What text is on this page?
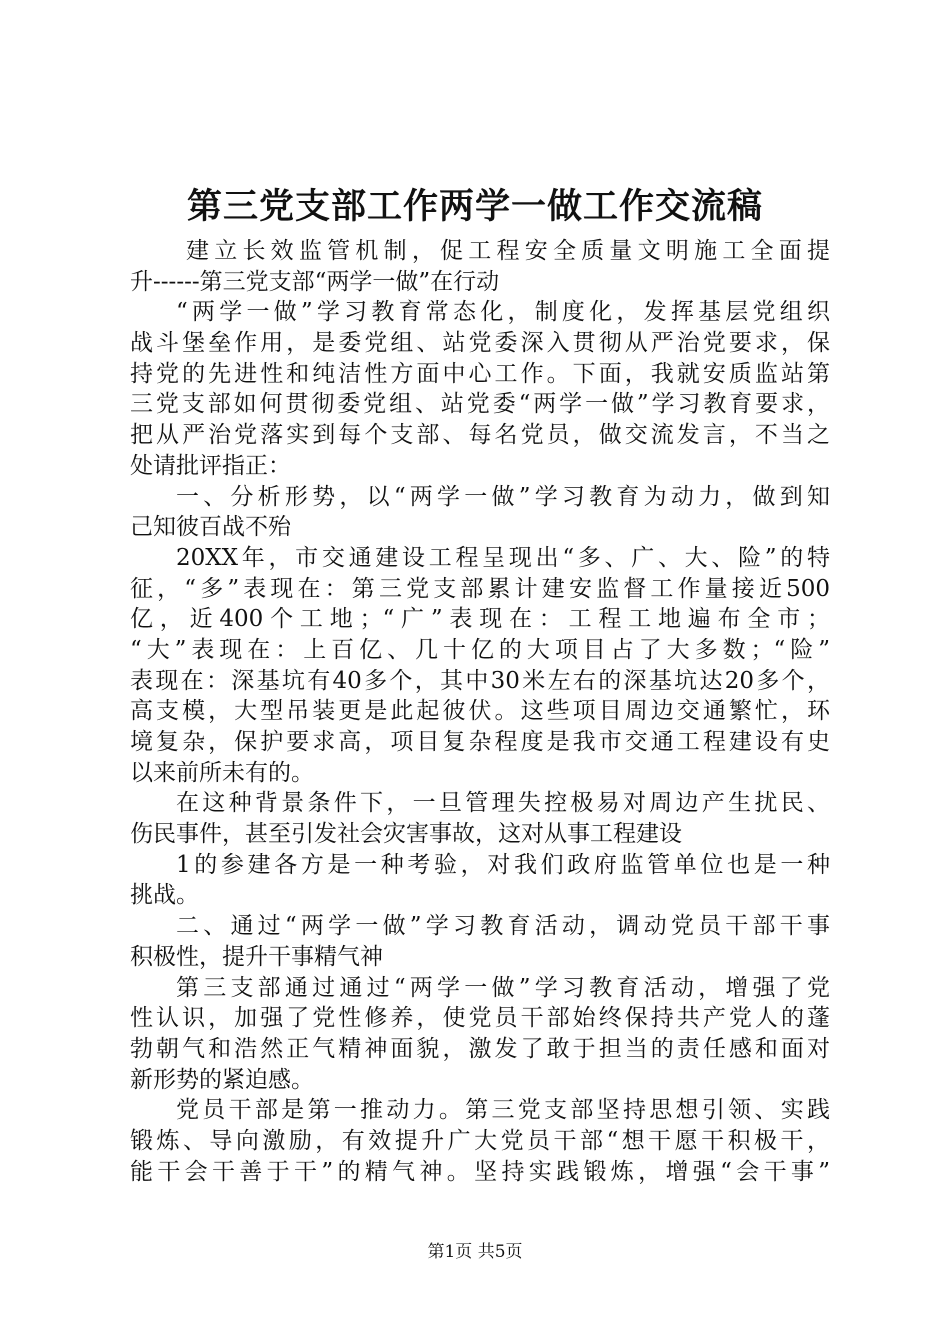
第三党支部工作两学一做工作交流稿
建立长效监管机制，促工程安全质量文明施工全面提
升------第三党支部“两学一做”在行动
“两学一做”学习教育常态化，制度化，发挥基层党组织
战斗堡垒作用，是委党组、站党委深入贯彻从严治党要求，保
持党的先进性和纯洁性方面中心工作。下面，我就安质监站第
三党支部如何贯彻委党组、站党委“两学一做”学习教育要求，
把从严治党落实到每个支部、每名党员，做交流发言，不当之
处请批评指正：
一、分析形势，以“两学一做”学习教育为动力，做到知
己知彼百战不殆
20XX年，市交通建设工程呈现出“多、广、大、险”的特
征，“多”表现在：第三党支部累计建安监督工作量接近500
亿，近400个工地；“广”表现在：工程工地遍布全市；
“大”表现在：上百亿、几十亿的大项目占了大多数；“险”
表现在：深基坑有40多个，其中30米左右的深基坑达20多个，
高支模，大型吊装更是此起彼伏。这些项目周边交通繁忙，环
境复杂，保护要求高，项目复杂程度是我市交通工程建设有史
以来前所未有的。
在这种背景条件下，一旦管理失控极易对周边产生扰民、
伤民事件，甚至引发社会灾害事故，这对从事工程建设
1的参建各方是一种考验，对我们政府监管单位也是一种
挑战。
二、通过“两学一做”学习教育活动，调动党员干部干事
积极性，提升干事精气神
第三支部通过通过“两学一做”学习教育活动，增强了党
性认识，加强了党性修养，使党员干部始终保持共产党人的蓬
勃朝气和浩然正气精神面貌，激发了敢于担当的责任感和面对
新形势的紧迫感。
党员干部是第一推动力。第三党支部坚持思想引领、实践
锻炼、导向激励，有效提升广大党员干部“想干愿干积极干，
能干会干善于干”的精气神。坚持实践锻炼，增强“会干事”
第1页 共5页
